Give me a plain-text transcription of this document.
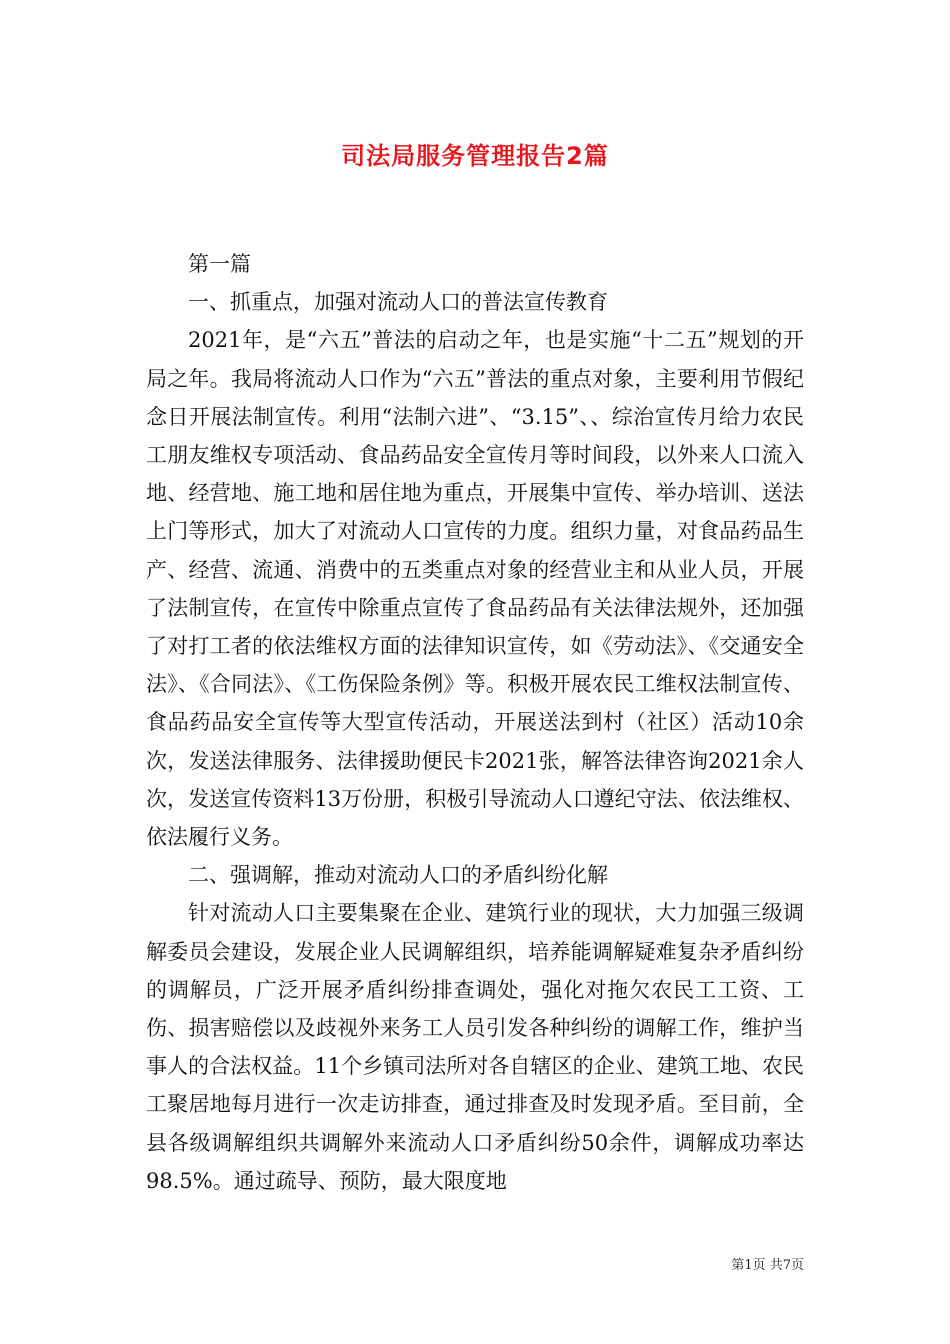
司法局服务管理报告2篇

第一篇

一、抓重点，加强对流动人口的普法宣传教育

2021年，是“六五”普法的启动之年，也是实施“十二五”规划的开局之年。我局将流动人口作为“六五”普法的重点对象，主要利用节假纪念日开展法制宣传。利用“法制六进”、“3.15”、、综治宣传月给力农民工朋友维权专项活动、食品药品安全宣传月等时间段，以外来人口流入地、经营地、施工地和居住地为重点，开展集中宣传、举办培训、送法上门等形式，加大了对流动人口宣传的力度。组织力量，对食品药品生产、经营、流通、消费中的五类重点对象的经营业主和从业人员，开展了法制宣传，在宣传中除重点宣传了食品药品有关法律法规外，还加强了对打工者的依法维权方面的法律知识宣传，如《劳动法》、《交通安全法》、《合同法》、《工伤保险条例》等。积极开展农民工维权法制宣传、食品药品安全宣传等大型宣传活动，开展送法到村（社区）活动10余次，发送法律服务、法律援助便民卡2021张，解答法律咨询2021余人次，发送宣传资料13万份册，积极引导流动人口遵纪守法、依法维权、依法履行义务。

二、强调解，推动对流动人口的矛盾纠纷化解

针对流动人口主要集聚在企业、建筑行业的现状，大力加强三级调解委员会建设，发展企业人民调解组织，培养能调解疑难复杂矛盾纠纷的调解员，广泛开展矛盾纠纷排查调处，强化对拖欠农民工工资、工伤、损害赔偿以及歧视外来务工人员引发各种纠纷的调解工作，维护当事人的合法权益。11个乡镇司法所对各自辖区的企业、建筑工地、农民工聚居地每月进行一次走访排查，通过排查及时发现矛盾。至目前，全县各级调解组织共调解外来流动人口矛盾纠纷50余件，调解成功率达98.5%。通过疏导、预防，最大限度地

第1页 共7页
